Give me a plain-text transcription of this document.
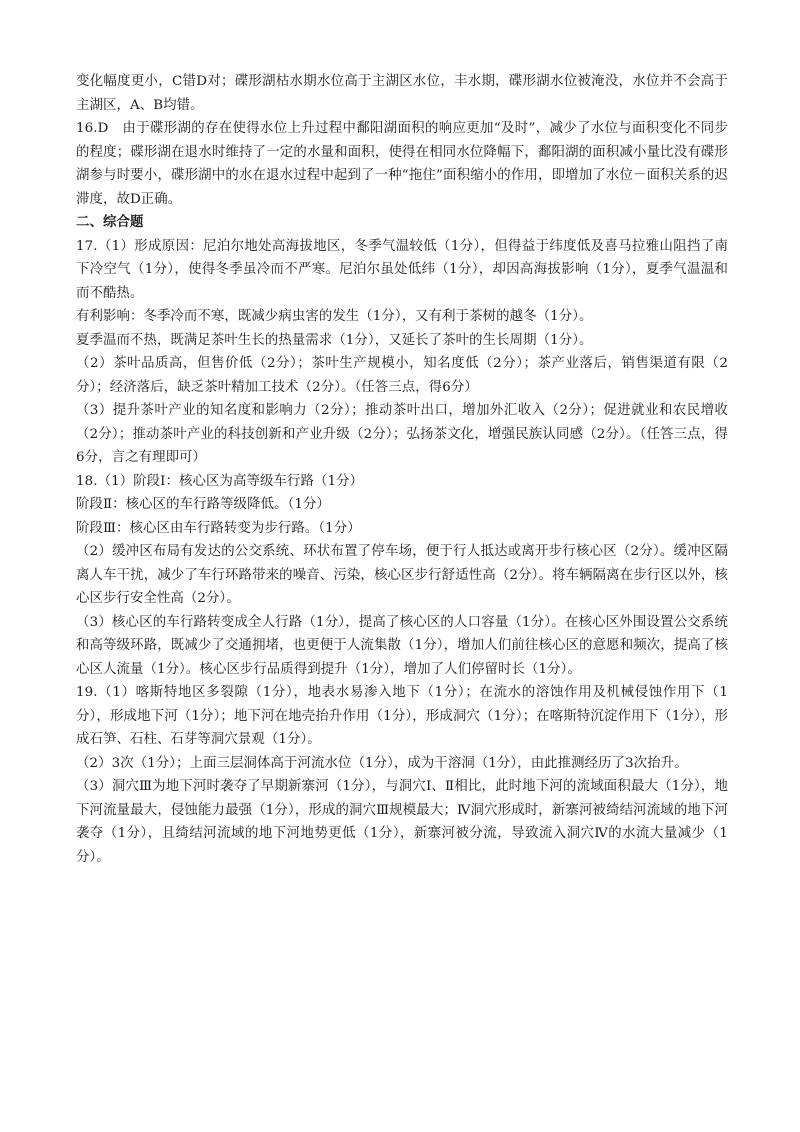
变化幅度更小，C错D对；碟形湖枯水期水位高于主湖区水位，丰水期，碟形湖水位被淹没，水位并不会高于主湖区，A、B均错。

16.D　由于碟形湖的存在使得水位上升过程中鄱阳湖面积的响应更加“及时”，减少了水位与面积变化不同步的程度；碟形湖在退水时维持了一定的水量和面积，使得在相同水位降幅下，鄱阳湖的面积减小量比没有碟形湖参与时要小，碟形湖中的水在退水过程中起到了一种“拖住”面积缩小的作用，即增加了水位－面积关系的迟滞度，故D正确。

二、综合题

17.（1）形成原因：尼泊尔地处高海拔地区，冬季气温较低（1分），但得益于纬度低及喜马拉雅山阻挡了南下冷空气（1分），使得冬季虽冷而不严寒。尼泊尔虽处低纬（1分），却因高海拔影响（1分），夏季气温温和而不酷热。

有利影响：冬季冷而不寒，既减少病虫害的发生（1分），又有利于茶树的越冬（1分）。

夏季温而不热，既满足茶叶生长的热量需求（1分），又延长了茶叶的生长周期（1分）。

（2）茶叶品质高，但售价低（2分）；茶叶生产规模小，知名度低（2分）；茶产业落后，销售渠道有限（2分）；经济落后，缺乏茶叶精加工技术（2分）。（任答三点，得6分）

（3）提升茶叶产业的知名度和影响力（2分）；推动茶叶出口，增加外汇收入（2分）；促进就业和农民增收（2分）；推动茶叶产业的科技创新和产业升级（2分）；弘扬茶文化，增强民族认同感（2分）。（任答三点，得6分，言之有理即可）

18.（1）阶段Ⅰ：核心区为高等级车行路（1分）

阶段Ⅱ：核心区的车行路等级降低。（1分）

阶段Ⅲ：核心区由车行路转变为步行路。（1分）

（2）缓冲区布局有发达的公交系统、环状布置了停车场，便于行人抵达或离开步行核心区（2分）。缓冲区隔离人车干扰，减少了车行环路带来的噪音、污染，核心区步行舒适性高（2分）。将车辆隔离在步行区以外，核心区步行安全性高（2分）。

（3）核心区的车行路转变成全人行路（1分），提高了核心区的人口容量（1分）。在核心区外围设置公交系统和高等级环路，既减少了交通拥堵，也更便于人流集散（1分），增加人们前往核心区的意愿和频次，提高了核心区人流量（1分）。核心区步行品质得到提升（1分），增加了人们停留时长（1分）。

19.（1）喀斯特地区多裂隙（1分），地表水易渗入地下（1分）；在流水的溶蚀作用及机械侵蚀作用下（1分），形成地下河（1分）；地下河在地壳抬升作用（1分），形成洞穴（1分）；在喀斯特沉淀作用下（1分），形成石笋、石柱、石芽等洞穴景观（1分）。

（2）3次（1分）；上面三层洞体高于河流水位（1分），成为干溶洞（1分），由此推测经历了3次抬升。

（3）洞穴Ⅲ为地下河时袭夺了早期新寨河（1分），与洞穴Ⅰ、Ⅱ相比，此时地下河的流域面积最大（1分），地下河流量最大，侵蚀能力最强（1分），形成的洞穴Ⅲ规模最大；Ⅳ洞穴形成时，新寨河被绮结河流域的地下河袭夺（1分），且绮结河流域的地下河地势更低（1分），新寨河被分流，导致流入洞穴Ⅳ的水流大量减少（1分）。
